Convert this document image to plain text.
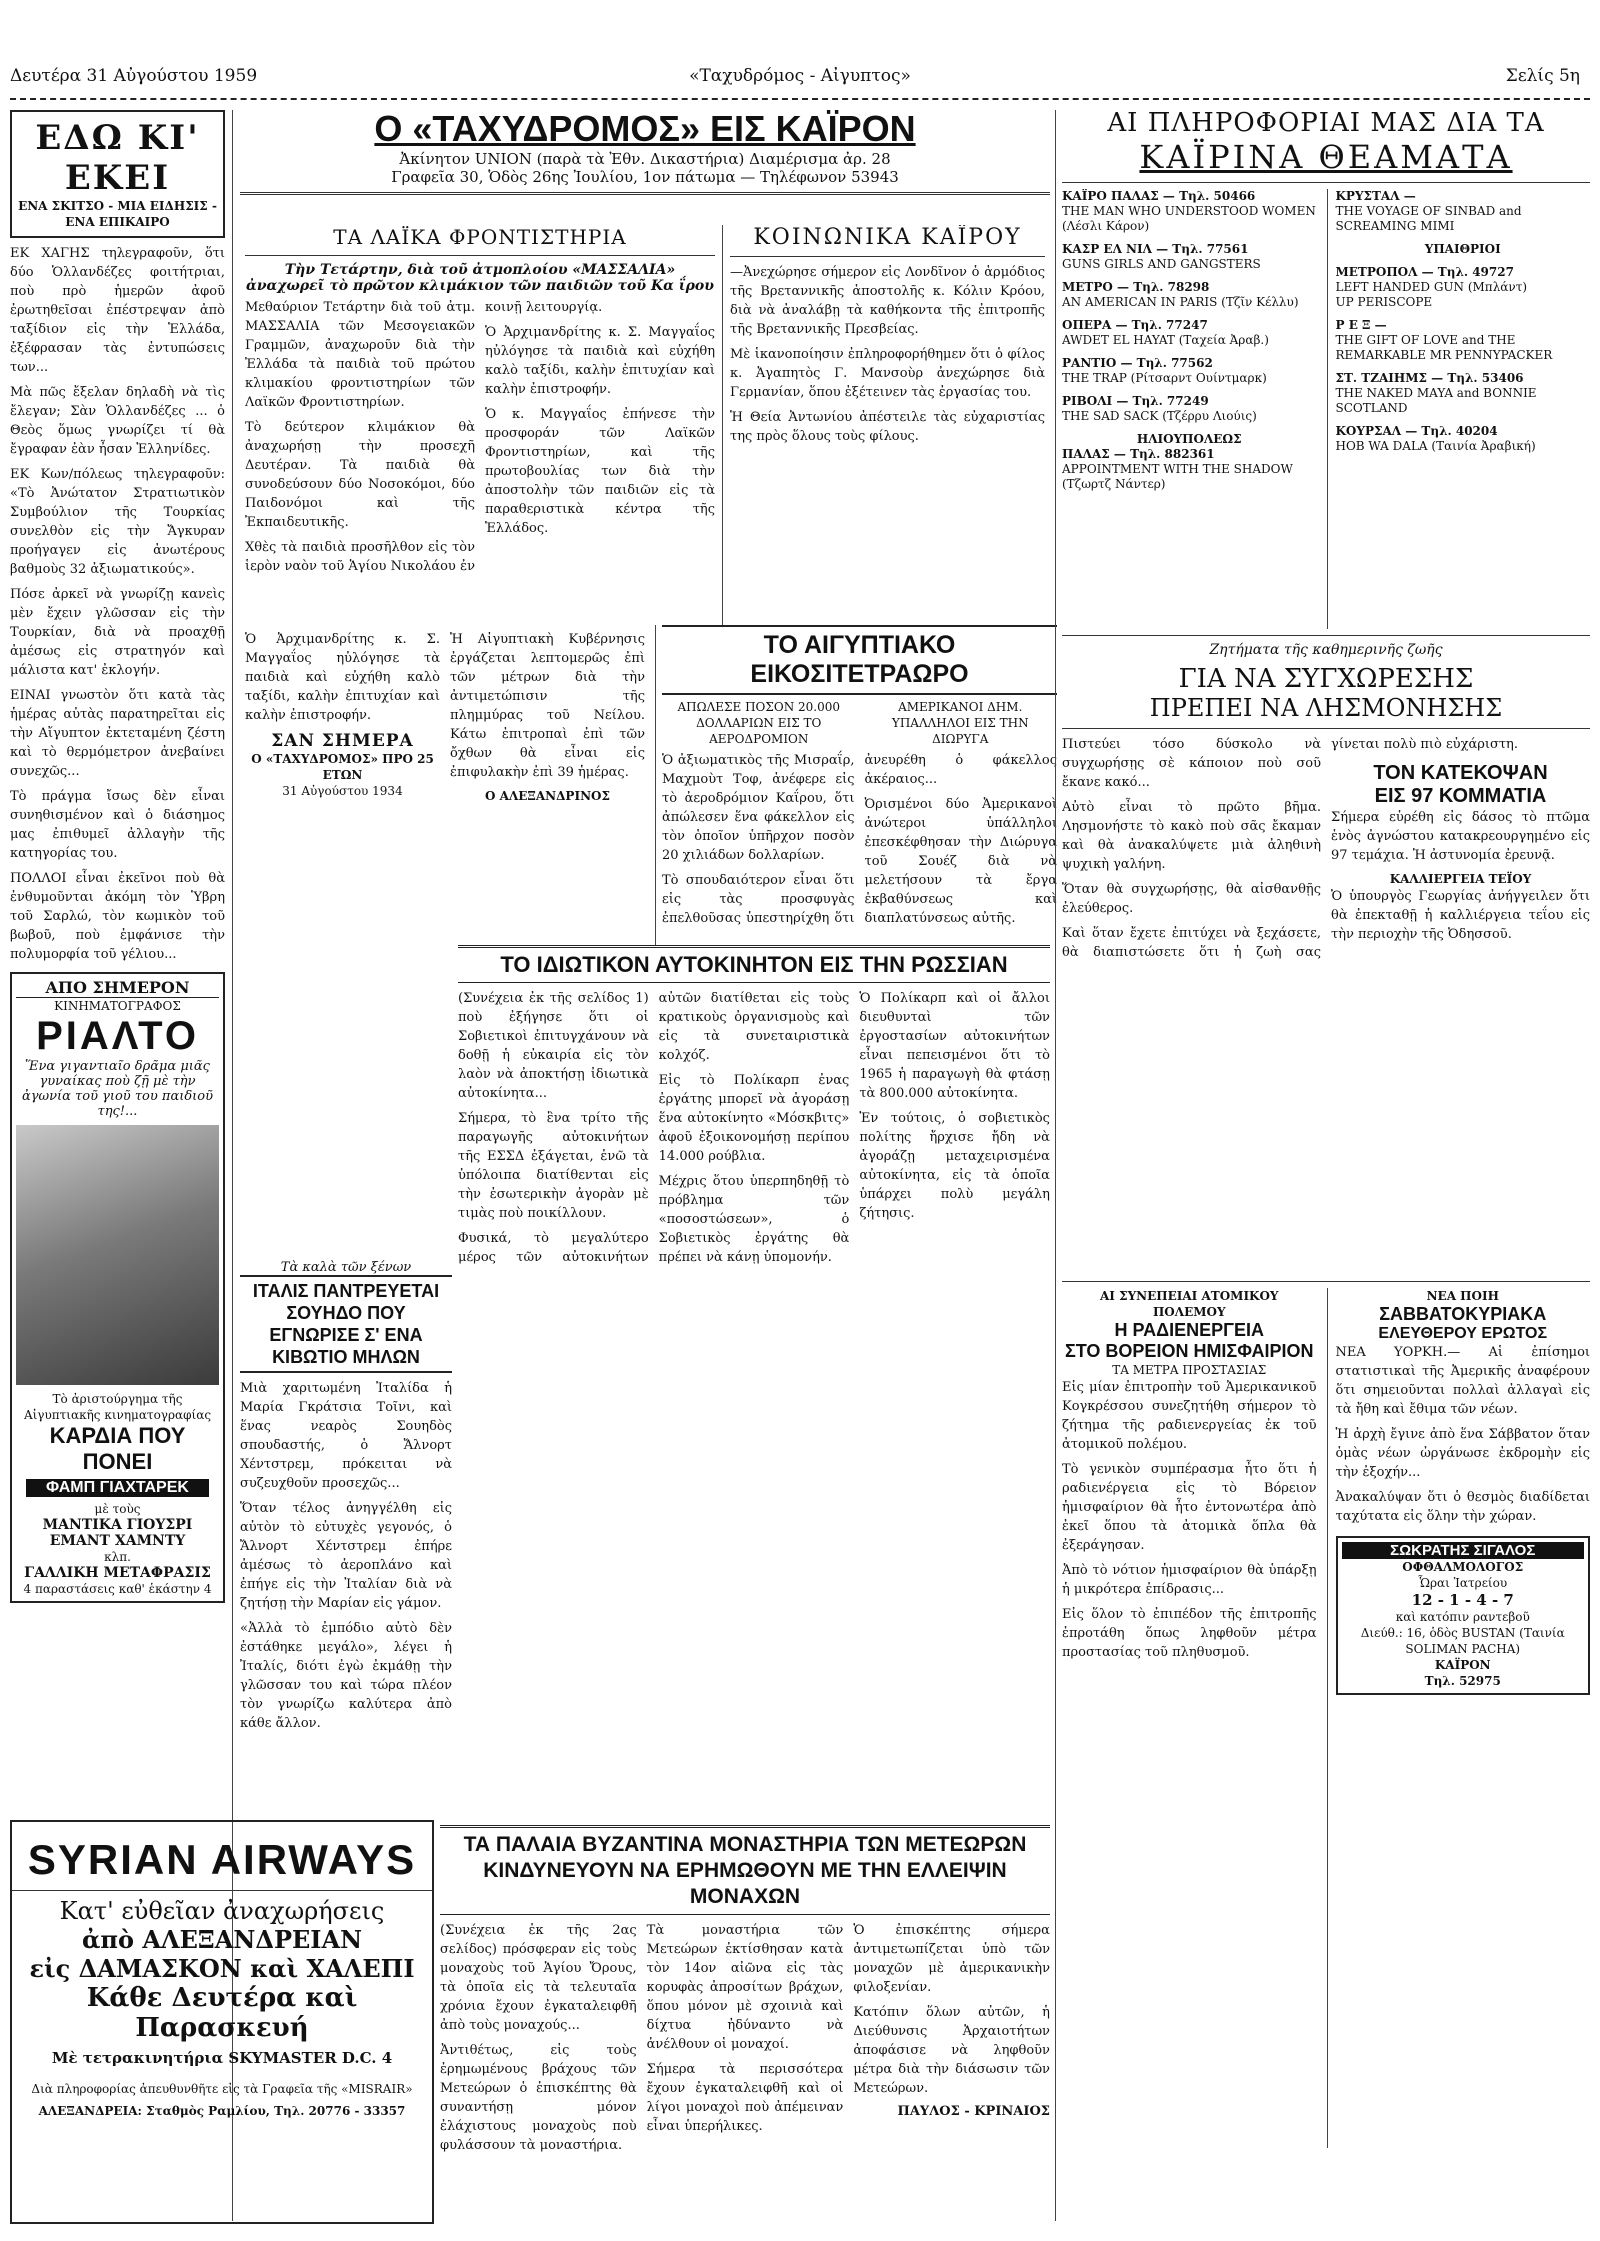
Δευτέρα 31 Αὐγούστου 1959	«Ταχυδρόμος - Αἰγυπτος»	Σελίς 5η
ΕΔΩ ΚΙ' ΕΚΕΙ
ΕΝΑ ΣΚΙΤΣΟ - ΜΙΑ ΕΙΔΗΣΙΣ - ΕΝΑ ΕΠΙΚΑΙΡΟ

ΕΚ ΧΑΓΗΣ τηλεγραφοῦν, ὅτι δύο Ὁλλανδέζες φοιτήτριαι, ποὺ πρὸ ἡμερῶν ἀφοῦ ἐρωτηθεῖσαι ἐπέστρεψαν ἀπὸ ταξίδιον εἰς τὴν Ἑλλάδα, ἐξέφρασαν τὰς ἐντυπώσεις των...

Μὰ πῶς ἔξελαν δηλαδὴ νὰ τὶς ἔλεγαν; Σὰν Ὁλλανδέζες ... ὁ Θεὸς ὅμως γνωρίζει τί θὰ ἔγραφαν ἐὰν ἦσαν Ἑλληνίδες.

ΕΚ Κων/πόλεως τηλεγραφοῦν: «Τὸ Ἀνώτατον Στρατιωτικὸν Συμβούλιον τῆς Τουρκίας συνελθὸν εἰς τὴν Ἄγκυραν προήγαγεν εἰς ἀνωτέρους βαθμοὺς 32 ἀξιωματικούς».

Πόσε ἀρκεῖ νὰ γνωρίζῃ κανεὶς μὲν ἔχειν γλῶσσαν εἰς τὴν Τουρκίαν, διὰ νὰ προαχθῇ ἀμέσως εἰς στρατηγόν καὶ μάλιστα κατ' ἐκλογήν.

ΕΙΝΑΙ γνωστὸν ὅτι κατὰ τὰς ἡμέρας αὐτὰς παρατηρεῖται εἰς τὴν Αἴγυπτον ἐκτεταμένη ζέστη καὶ τὸ θερμόμετρον ἀνεβαίνει συνεχῶς...

Τὸ πράγμα ἴσως δὲν εἶναι συνηθισμένον καὶ ὁ διάσημος μας ἐπιθυμεῖ ἀλλαγὴν τῆς κατηγορίας του.

ΠΟΛΛΟΙ εἶναι ἐκεῖνοι ποὺ θὰ ἐνθυμοῦνται ἀκόμη τὸν Ὑβρη τοῦ Σαρλώ, τὸν κωμικὸν τοῦ βωβοῦ, ποὺ ἐμφάνισε τὴν πολυμορφία τοῦ γέλιου...

ΑΠΟ ΣΗΜΕΡΟΝ
ΚΙΝΗΜΑΤΟΓΡΑΦΟΣ
ΡΙΑΛΤΟ
Ἕνα γιγαντιαῖο δρᾶμα μιᾶς γυναίκας ποὺ ζῇ μὲ τὴν ἀγωνία τοῦ γιοῦ του παιδιοῦ της!...
Τὸ ἀριστούργημα τῆς Αἰγυπτιακῆς κινηματογραφίας
ΚΑΡΔΙΑ ΠΟΥ ΠΟΝΕΙ
ΦΑΜΠ ΓΙΑΧΤΑΡΕΚ
μὲ τοὺς
ΜΑΝΤΙΚΑ ΓΙΟΥΣΡΙ ΕΜΑΝΤ ΧΑΜΝΤΥ
κλπ.
ΓΑΛΛΙΚΗ ΜΕΤΑΦΡΑΣΙΣ
4 παραστάσεις καθ' ἑκάστην 4
SYRIAN AIRWAYS
Κατ' εὐθεῖαν ἀναχωρήσεις
ἀπὸ ΑΛΕΞΑΝΔΡΕΙΑΝ
εἰς ΔΑΜΑΣΚΟΝ καὶ ΧΑΛΕΠΙ
Κάθε Δευτέρα καὶ Παρασκευή
Μὲ τετρακινητήρια SKYMASTER D.C. 4
Διὰ πληροφορίας ἀπευθυνθῆτε εἰς τὰ Γραφεῖα τῆς «MISRAIR»
ΑΛΕΞΑΝΔΡΕΙΑ: Σταθμὸς Ραμλίου, Τηλ. 20776 - 33357
Ο «ΤΑΧΥΔΡΟΜΟΣ» ΕΙΣ ΚΑΪΡΟΝ
Ἀκίνητον UNION (παρὰ τὰ Ἐθν. Δικαστήρια) Διαμέρισμα ἀρ. 28
Γραφεῖα 30, Ὁδὸς 26ης Ἰουλίου, 1ον πάτωμα — Τηλέφωνον 53943
ΤΑ ΛΑΪΚΑ ΦΡΟΝΤΙΣΤΗΡΙΑ
Τὴν Τετάρτην, διὰ τοῦ ἀτμοπλοίου «ΜΑΣΣΑΛΙΑ» ἀναχωρεῖ τὸ πρῶτον κλιμάκιον τῶν παιδιῶν τοῦ Κα ΐρου

Μεθαύριον Τετάρτην διὰ τοῦ ἀτμ. ΜΑΣΣΑΛΙΑ τῶν Μεσογειακῶν Γραμμῶν, ἀναχωροῦν διὰ τὴν Ἑλλάδα τὰ παιδιὰ τοῦ πρώτου κλιμακίου φροντιστηρίων τῶν Λαϊκῶν Φροντιστηρίων.

Τὸ δεύτερον κλιμάκιον θὰ ἀναχωρήσῃ τὴν προσεχῆ Δευτέραν. Τὰ παιδιὰ θὰ συνοδεύσουν δύο Νοσοκόμοι, δύο Παιδονόμοι καὶ τῆς Ἐκπαιδευτικῆς.

Χθὲς τὰ παιδιὰ προσῆλθον εἰς τὸν ἱερὸν ναὸν τοῦ Ἁγίου Νικολάου ἐν κοινῇ λειτουργίᾳ.

Ὁ Ἀρχιμανδρίτης κ. Σ. Μαγγαΐος ηὐλόγησε τὰ παιδιὰ καὶ εὐχήθη καλὸ ταξίδι, καλὴν ἐπιτυχίαν καὶ καλὴν ἐπιστροφήν.

Ὁ κ. Μαγγαΐος ἐπήνεσε τὴν προσφοράν τῶν Λαϊκῶν Φροντιστηρίων, καὶ τῆς πρωτοβουλίας των διὰ τὴν ἀποστολὴν τῶν παιδιῶν εἰς τὰ παραθεριστικὰ κέντρα τῆς Ἑλλάδος.

ΚΟΙΝΩΝΙΚΑ ΚΑΪΡΟΥ

—Ἀνεχώρησε σήμερον εἰς Λονδῖνον ὁ ἁρμόδιος τῆς Βρεταννικῆς ἀποστολῆς κ. Κόλιν Κρόου, διὰ νὰ ἀναλάβῃ τὰ καθήκοντα τῆς ἐπιτροπῆς τῆς Βρεταννικῆς Πρεσβείας.

Μὲ ἱκανοποίησιν ἐπληροφορήθημεν ὅτι ὁ φίλος κ. Ἀγαπητὸς Γ. Μανσοὺρ ἀνεχώρησε διὰ Γερμανίαν, ὅπου ἐξέτεινεν τὰς ἐργασίας του.

Ἡ Θεία Ἀντωνίου ἀπέστειλε τὰς εὐχαριστίας της πρὸς ὅλους τοὺς φίλους.

ΤΟ ΑΙΓΥΠΤΙΑΚΟ ΕΙΚΟΣΙΤΕΤΡΑΩΡΟ
ΑΠΩΛΕΣΕ ΠΟΣΟΝ 20.000 ΔΟΛΛΑΡΙΩΝ ΕΙΣ ΤΟ ΑΕΡΟΔΡΟΜΙΟΝ
ΑΜΕΡΙΚΑΝΟΙ ΔΗΜ. ΥΠΑΛΛΗΛΟΙ ΕΙΣ ΤΗΝ ΔΙΩΡΥΓΑ

Ὁ ἀξιωματικὸς τῆς Μισραΐρ, Μαχμοὺτ Τοφ, ἀνέφερε εἰς τὸ ἀεροδρόμιον Καΐρου, ὅτι ἀπώλεσεν ἕνα φάκελλον εἰς τὸν ὁποῖον ὑπῆρχον ποσὸν 20 χιλιάδων δολλαρίων.

Τὸ σπουδαιότερον εἶναι ὅτι εἰς τὰς προσφυγὰς ἐπελθοῦσας ὑπεστηρίχθη ὅτι ἀνευρέθη ὁ φάκελλος ἀκέραιος...

Ὀρισμένοι δύο Ἀμερικανοὶ ἀνώτεροι ὑπάλληλοι ἐπεσκέφθησαν τὴν Διώρυγα τοῦ Σουέζ διὰ νὰ μελετήσουν τὰ ἔργα ἐκβαθύνσεως καὶ διαπλατύνσεως αὐτῆς.

Ὁ Ἀρχιμανδρίτης κ. Σ. Μαγγαΐος ηὐλόγησε τὰ παιδιὰ καὶ εὐχήθη καλὸ ταξίδι, καλὴν ἐπιτυχίαν καὶ καλὴν ἐπιστροφήν.

ΣΑΝ ΣΗΜΕΡΑ
Ο «ΤΑΧΥΔΡΟΜΟΣ» ΠΡΟ 25 ΕΤΩΝ
31 Αὐγούστου 1934

Ἡ Αἰγυπτιακὴ Κυβέρνησις ἐργάζεται λεπτομερῶς ἐπὶ τῶν μέτρων διὰ τὴν ἀντιμετώπισιν τῆς πλημμύρας τοῦ Νείλου. Κάτω ἐπιτροπαὶ ἐπὶ τῶν ὄχθων θὰ εἶναι εἰς ἐπιφυλακὴν ἐπὶ 39 ἡμέρας.

Ο ΑΛΕΞΑΝΔΡΙΝΟΣ
ΤΟ ΙΔΙΩΤΙΚΟΝ ΑΥΤΟΚΙΝΗΤΟΝ ΕΙΣ ΤΗΝ ΡΩΣΣΙΑΝ

(Συνέχεια ἐκ τῆς σελίδος 1) ποὺ ἐξήγησε ὅτι οἱ Σοβιετικοὶ ἐπιτυγχάνουν νὰ δοθῇ ἡ εὐκαιρία εἰς τὸν λαὸν νὰ ἀποκτήσῃ ἰδιωτικὰ αὐτοκίνητα...

Σήμερα, τὸ ἓνα τρίτο τῆς παραγωγῆς αὐτοκινήτων τῆς ΕΣΣΔ ἐξάγεται, ἐνῶ τὰ ὑπόλοιπα διατίθενται εἰς τὴν ἐσωτερικὴν ἀγορὰν μὲ τιμὰς ποὺ ποικίλλουν.

Φυσικά, τὸ μεγαλύτερο μέρος τῶν αὐτοκινήτων αὐτῶν διατίθεται εἰς τοὺς κρατικοὺς ὀργανισμοὺς καὶ εἰς τὰ συνεταιριστικὰ κολχόζ.

Εἰς τὸ Πολίκαρπ ἐνας ἐργάτης μπορεῖ νὰ ἀγοράσῃ ἕνα αὐτοκίνητο «Μόσκβιτς» ἀφοῦ ἐξοικονομήσῃ περίπου 14.000 ρούβλια.

Μέχρις ὅτου ὑπερπηδηθῇ τὸ πρόβλημα τῶν «ποσοστώσεων», ὁ Σοβιετικὸς ἐργάτης θὰ πρέπει νὰ κάνῃ ὑπομονήν.

Ὁ Πολίκαρπ καὶ οἱ ἄλλοι διευθυνταὶ τῶν ἐργοστασίων αὐτοκινήτων εἶναι πεπεισμένοι ὅτι τὸ 1965 ἡ παραγωγὴ θὰ φτάσῃ τὰ 800.000 αὐτοκίνητα.

Ἐν τούτοις, ὁ σοβιετικὸς πολίτης ἤρχισε ἤδη νὰ ἀγοράζῃ μεταχειρισμένα αὐτοκίνητα, εἰς τὰ ὁποῖα ὑπάρχει πολὺ μεγάλη ζήτησις.

Τὰ καλὰ τῶν ξένων
ΙΤΑΛΙΣ ΠΑΝΤΡΕΥΕΤΑΙ ΣΟΥΗΔΟ ΠΟΥ ΕΓΝΩΡΙΣΕ Σ' ΕΝΑ ΚΙΒΩΤΙΟ ΜΗΛΩΝ

Μιὰ χαριτωμένη Ἰταλίδα ἡ Μαρία Γκράτσια Τοῖνι, καὶ ἕνας νεαρὸς Σουηδὸς σπουδαστής, ὁ Ἄλνορτ Χέντστρεμ, πρόκειται νὰ συζευχθοῦν προσεχῶς...

Ὅταν τέλος ἀνηγγέλθη εἰς αὐτὸν τὸ εὐτυχὲς γεγονός, ὁ Ἄλνορτ Χέντστρεμ ἐπήρε ἀμέσως τὸ ἀεροπλάνο καὶ ἐπήγε εἰς τὴν Ἰταλίαν διὰ νὰ ζητήσῃ τὴν Μαρίαν εἰς γάμον.

«Ἀλλὰ τὸ ἐμπόδιο αὐτὸ δὲν ἐστάθηκε μεγάλο», λέγει ἡ Ἰταλίς, διότι ἐγὼ ἐκμάθῃ τὴν γλῶσσαν του καὶ τώρα πλέον τὸν γνωρίζω καλύτερα ἀπὸ κάθε ἄλλον.

ΤΑ ΠΑΛΑΙΑ ΒΥΖΑΝΤΙΝΑ ΜΟΝΑΣΤΗΡΙΑ ΤΩΝ ΜΕΤΕΩΡΩΝ
ΚΙΝΔΥΝΕΥΟΥΝ ΝΑ ΕΡΗΜΩΘΟΥΝ ΜΕ ΤΗΝ ΕΛΛΕΙΨΙΝ ΜΟΝΑΧΩΝ

(Συνέχεια ἐκ τῆς 2ας σελίδος) πρόσφεραν εἰς τοὺς μοναχοὺς τοῦ Ἁγίου Ὄρους, τὰ ὁποῖα εἰς τὰ τελευταῖα χρόνια ἔχουν ἐγκαταλειφθῆ ἀπὸ τοὺς μοναχούς...

Ἀντιθέτως, εἰς τοὺς ἐρημωμένους βράχους τῶν Μετεώρων ὁ ἐπισκέπτης θὰ συναντήσῃ μόνον ἐλάχιστους μοναχοὺς ποὺ φυλάσσουν τὰ μοναστήρια.

Τὰ μοναστήρια τῶν Μετεώρων ἐκτίσθησαν κατὰ τὸν 14ον αἰῶνα εἰς τὰς κορυφὰς ἀπροσίτων βράχων, ὅπου μόνον μὲ σχοινιὰ καὶ δίχτυα ἠδύναντο νὰ ἀνέλθουν οἱ μοναχοί.

Σήμερα τὰ περισσότερα ἔχουν ἐγκαταλειφθῆ καὶ οἱ λίγοι μοναχοὶ ποὺ ἀπέμειναν εἶναι ὑπερήλικες.

Ὁ ἐπισκέπτης σήμερα ἀντιμετωπίζεται ὑπὸ τῶν μοναχῶν μὲ ἀμερικανικὴν φιλοξενίαν.

Κατόπιν ὅλων αὐτῶν, ἡ Διεύθυνσις Ἀρχαιοτήτων ἀποφάσισε νὰ ληφθοῦν μέτρα διὰ τὴν διάσωσιν τῶν Μετεώρων.

ΠΑΥΛΟΣ - ΚΡΙΝΑΙΟΣ
ΑΙ ΠΛΗΡΟΦΟΡΙΑΙ ΜΑΣ ΔΙΑ ΤΑ
ΚΑΪΡΙΝΑ ΘΕΑΜΑΤΑ
ΚΑΪΡΟ ΠΑΛΑΣ — Τηλ. 50466
THE MAN WHO UNDERSTOOD WOMEN (Λέσλι Κάρον)
ΚΑΣΡ ΕΛ ΝΙΛ — Τηλ. 77561
GUNS GIRLS AND GANGSTERS
ΜΕΤΡΟ — Τηλ. 78298
AN AMERICAN IN PARIS (Τζῖν Κέλλυ)
ΟΠΕΡΑ — Τηλ. 77247
AWDET EL HAYAT (Ταχεία Ἀραβ.)
ΡΑΝΤΙΟ — Τηλ. 77562
THE TRAP (Ρίτσαρντ Ουίντμαρκ)
ΡΙΒΟΛΙ — Τηλ. 77249
THE SAD SACK (Τζέρρυ Λιούις)
ΗΛΙΟΥΠΟΛΕΩΣ
ΠΑΛΑΣ — Τηλ. 882361
APPOINTMENT WITH THE SHADOW (Τζωρτζ Νάντερ)
ΚΡΥΣΤΑΛ —
THE VOYAGE OF SINBAD and SCREAMING MIMI
ΥΠΑΙΘΡΙΟΙ
ΜΕΤΡΟΠΟΛ — Τηλ. 49727
LEFT HANDED GUN (Μπλάντ)
UP PERISCOPE
Ρ Ε Ξ —
THE GIFT OF LOVE and THE REMARKABLE MR PENNYPACKER
ΣΤ. ΤΖΑΙΗΜΣ — Τηλ. 53406
THE NAKED MAYA and BONNIE SCOTLAND
ΚΟΥΡΣΑΛ — Τηλ. 40204
HOB WA DALA (Ταινία Ἀραβική)
Ζητήματα τῆς καθημερινῆς ζωῆς
ΓΙΑ ΝΑ ΣΥΓΧΩΡΕΣΗΣ
ΠΡΕΠΕΙ ΝΑ ΛΗΣΜΟΝΗΣΗΣ

Πιστεύει τόσο δύσκολο νὰ συγχωρήσῃς σὲ κάποιον ποὺ σοῦ ἔκανε κακό...

Αὐτὸ εἶναι τὸ πρῶτο βῆμα. Λησμονήστε τὸ κακὸ ποὺ σᾶς ἔκαμαν καὶ θὰ ἀνακαλύψετε μιὰ ἀληθινὴ ψυχικὴ γαλήνη.

Ὅταν θὰ συγχωρήσῃς, θὰ αἰσθανθῇς ἐλεύθερος.

Καὶ ὅταν ἔχετε ἐπιτύχει νὰ ξεχάσετε, θὰ διαπιστώσετε ὅτι ἡ ζωὴ σας γίνεται πολὺ πιὸ εὐχάριστη.

ΤΟΝ ΚΑΤΕΚΟΨΑΝ
ΕΙΣ 97 ΚΟΜΜΑΤΙΑ

Σήμερα εὑρέθη εἰς δάσος τὸ πτῶμα ἑνὸς ἀγνώστου κατακρεουργημένο εἰς 97 τεμάχια. Ἡ ἀστυνομία ἐρευνᾷ.

ΚΑΛΛΙΕΡΓΕΙΑ ΤΕΪΟΥ

Ὁ ὑπουργὸς Γεωργίας ἀνήγγειλεν ὅτι θὰ ἐπεκταθῇ ἡ καλλιέργεια τεΐου εἰς τὴν περιοχὴν τῆς Ὀδησσοῦ.

ΑΙ ΣΥΝΕΠΕΙΑΙ ΑΤΟΜΙΚΟΥ ΠΟΛΕΜΟΥ
Η ΡΑΔΙΕΝΕΡΓΕΙΑ
ΣΤΟ ΒΟΡΕΙΟΝ ΗΜΙΣΦΑΙΡΙΟΝ
ΤΑ ΜΕΤΡΑ ΠΡΟΣΤΑΣΙΑΣ

Εἰς μίαν ἐπιτροπὴν τοῦ Ἀμερικανικοῦ Κογκρέσσου συνεζητήθη σήμερον τὸ ζήτημα τῆς ραδιενεργείας ἐκ τοῦ ἀτομικοῦ πολέμου.

Τὸ γενικὸν συμπέρασμα ἦτο ὅτι ἡ ραδιενέργεια εἰς τὸ Βόρειον ἡμισφαίριον θὰ ἦτο ἐντονωτέρα ἀπὸ ἐκεῖ ὅπου τὰ ἀτομικὰ ὅπλα θὰ ἐξεράγησαν.

Ἀπὸ τὸ νότιον ἡμισφαίριον θὰ ὑπάρξῃ ἡ μικρότερα ἐπίδρασις...

Εἰς ὅλον τὸ ἐπιπέδον τῆς ἐπιτροπῆς ἐπροτάθη ὅπως ληφθοῦν μέτρα προστασίας τοῦ πληθυσμοῦ.

ΝΕΑ ΠΟΙΗ
ΣΑΒΒΑΤΟΚΥΡΙΑΚΑ
ΕΛΕΥΘΕΡΟΥ ΕΡΩΤΟΣ

ΝΕΑ ΥΟΡΚΗ.— Αἱ ἐπίσημοι στατιστικαὶ τῆς Ἀμερικῆς ἀναφέρουν ὅτι σημειοῦνται πολλαὶ ἀλλαγαὶ εἰς τὰ ἤθη καὶ ἔθιμα τῶν νέων.

Ἡ ἀρχὴ ἔγινε ἀπὸ ἕνα Σάββατον ὅταν ὁμὰς νέων ὠργάνωσε ἐκδρομὴν εἰς τὴν ἐξοχήν...

Ἀνακαλύψαν ὅτι ὁ θεσμὸς διαδίδεται ταχύτατα εἰς ὅλην τὴν χώραν.

ΣΩΚΡΑΤΗΣ ΣΙΓΑΛΟΣ
ΟΦΘΑΛΜΟΛΟΓΟΣ
Ὧραι Ἰατρείου
12 - 1 - 4 - 7
καὶ κατόπιν ραντεβοῦ
Διεύθ.: 16, ὁδὸς BUSTAN (Ταινία SOLIMAN PACHA)
ΚΑΪΡΟΝ
Τηλ. 52975
